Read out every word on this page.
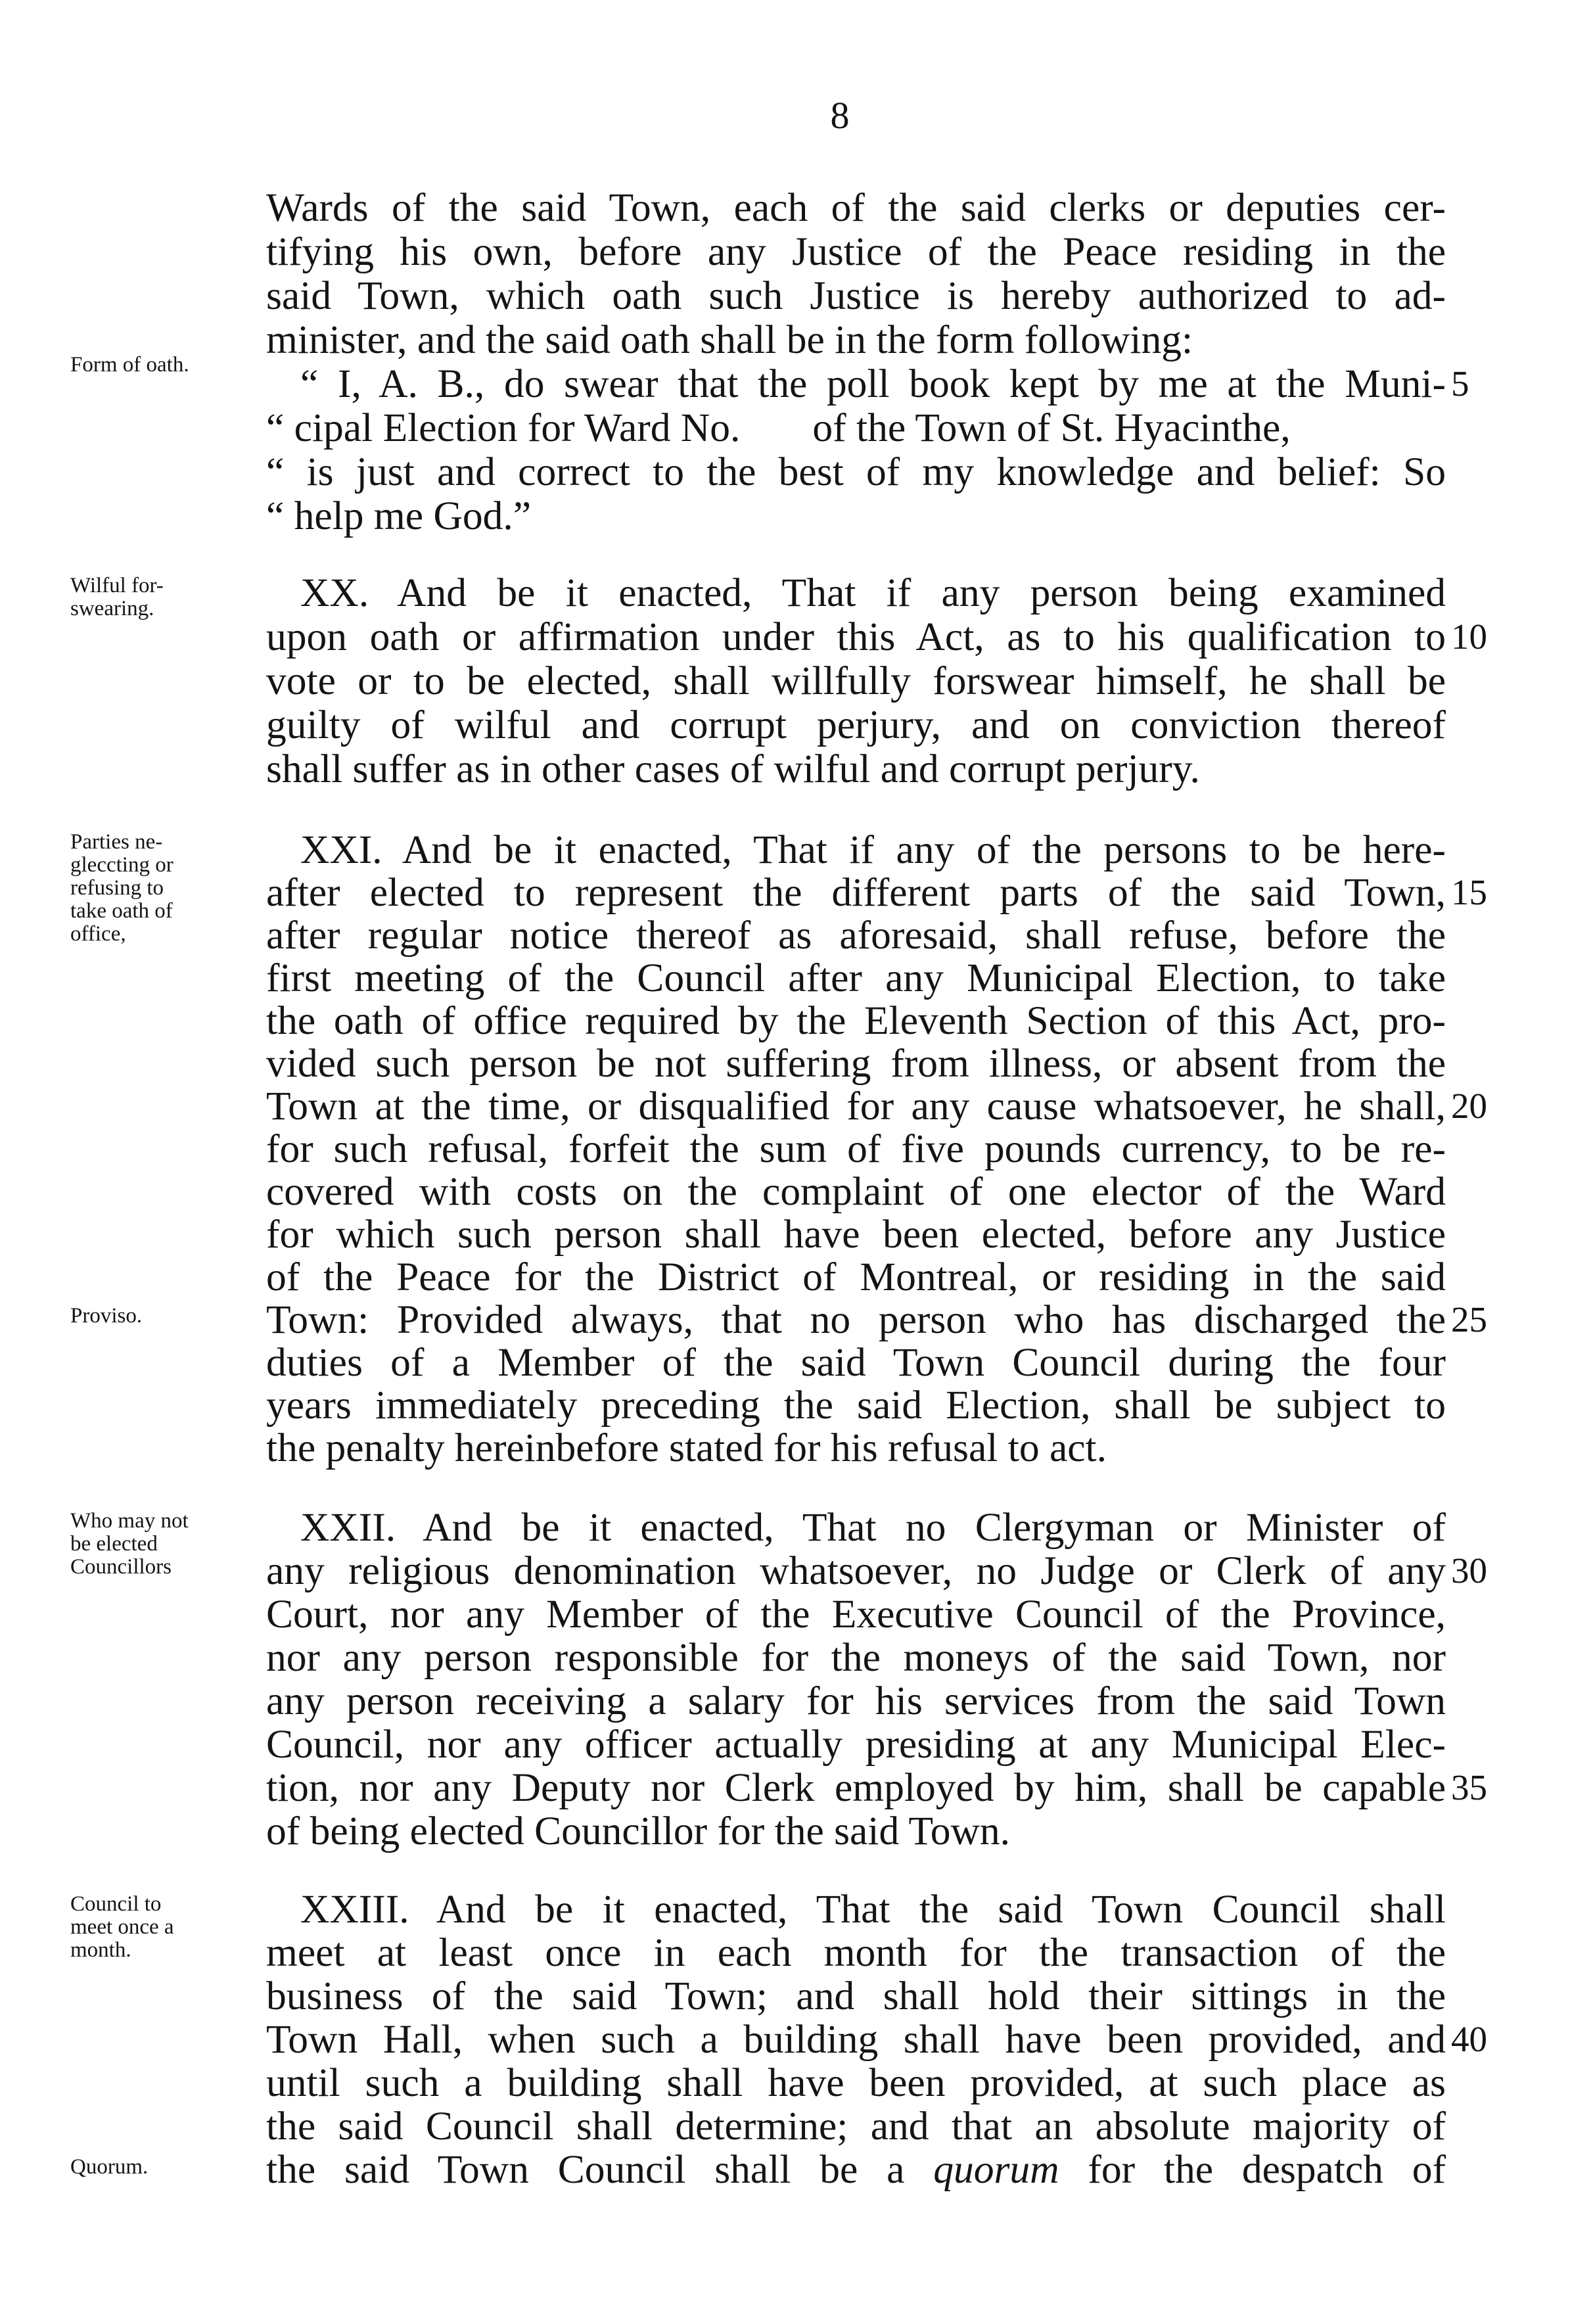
8
Wards of the said Town, each of the said clerks or deputies cer-
tifying his own, before any Justice of the Peace residing in the
said Town, which oath such Justice is hereby authorized to ad-
minister, and the said oath shall be in the form following:
“ I, A. B., do swear that the poll book kept by me at the Muni-
“ cipal Election for Ward No. of the Town of St. Hyacinthe,
“ is just and correct to the best of my knowledge and belief: So
“ help me God.”
XX. And be it enacted, That if any person being examined
upon oath or affirmation under this Act, as to his qualification to
vote or to be elected, shall willfully forswear himself, he shall be
guilty of wilful and corrupt perjury, and on conviction thereof
shall suffer as in other cases of wilful and corrupt perjury.
XXI. And be it enacted, That if any of the persons to be here-
after elected to represent the different parts of the said Town,
after regular notice thereof as aforesaid, shall refuse, before the
first meeting of the Council after any Municipal Election, to take
the oath of office required by the Eleventh Section of this Act, pro-
vided such person be not suffering from illness, or absent from the
Town at the time, or disqualified for any cause whatsoever, he shall,
for such refusal, forfeit the sum of five pounds currency, to be re-
covered with costs on the complaint of one elector of the Ward
for which such person shall have been elected, before any Justice
of the Peace for the District of Montreal, or residing in the said
Town: Provided always, that no person who has discharged the
duties of a Member of the said Town Council during the four
years immediately preceding the said Election, shall be subject to
the penalty hereinbefore stated for his refusal to act.
XXII. And be it enacted, That no Clergyman or Minister of
any religious denomination whatsoever, no Judge or Clerk of any
Court, nor any Member of the Executive Council of the Province,
nor any person responsible for the moneys of the said Town, nor
any person receiving a salary for his services from the said Town
Council, nor any officer actually presiding at any Municipal Elec-
tion, nor any Deputy nor Clerk employed by him, shall be capable
of being elected Councillor for the said Town.
XXIII. And be it enacted, That the said Town Council shall
meet at least once in each month for the transaction of the
business of the said Town; and shall hold their sittings in the
Town Hall, when such a building shall have been provided, and
until such a building shall have been provided, at such place as
the said Council shall determine; and that an absolute majority of
the said Town Council shall be a quorum for the despatch of
Form of oath.
Wilful for-
swearing.
Parties ne-
gleccting or
refusing to
take oath of
office,
Proviso.
Who may not
be elected
Councillors
Council to
meet once a
month.
Quorum.
5
10
15
20
25
30
35
40
